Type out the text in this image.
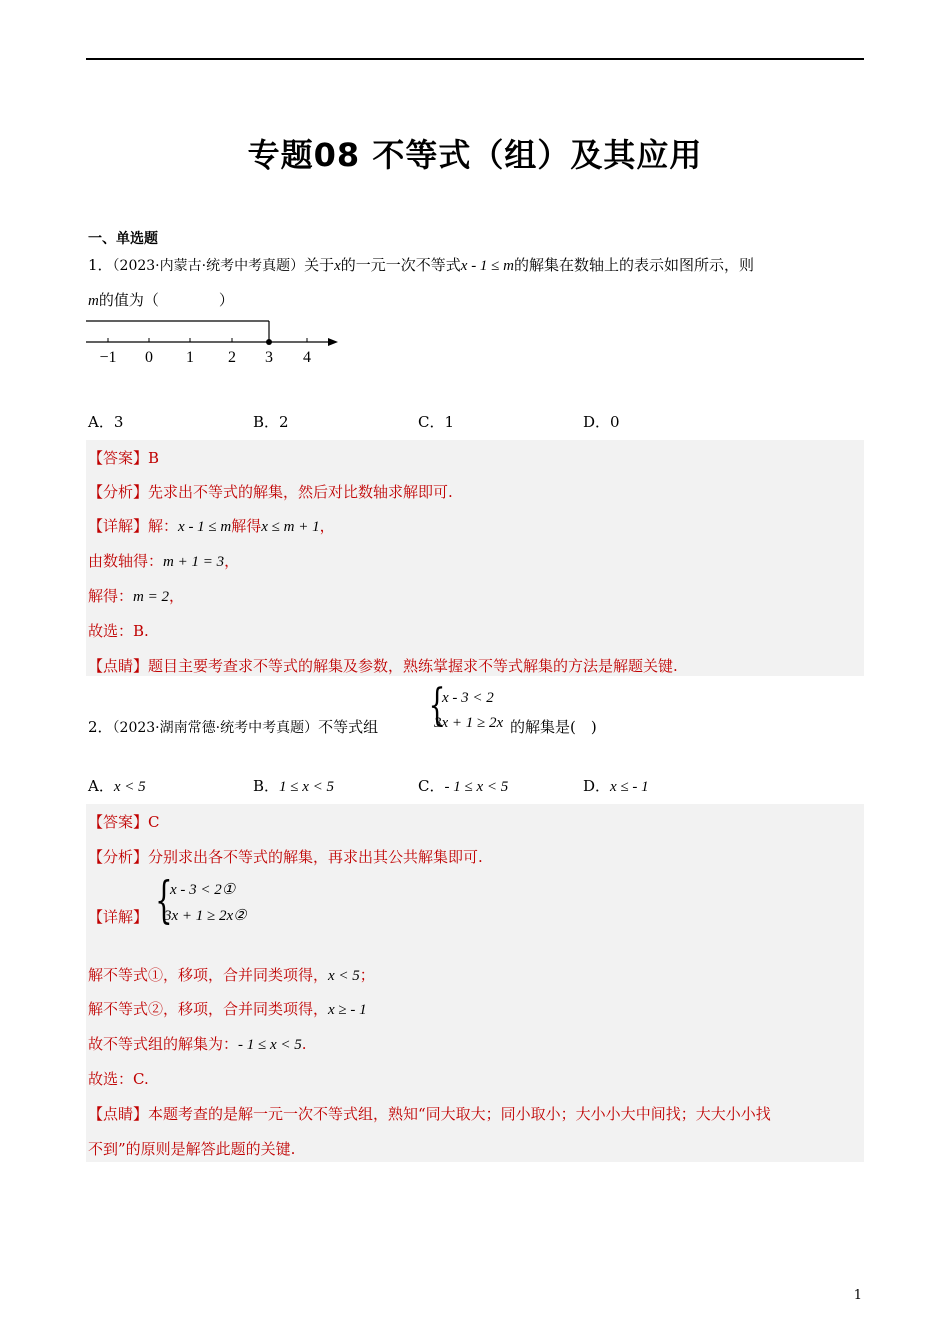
专题08 不等式（组）及其应用
一、单选题
1．（2023·内蒙古·统考中考真题）关于x的一元一次不等式x - 1 ≤ m的解集在数轴上的表示如图所示，则
m的值为（　　　　）
−1 0 1 2 3 4
A．3	B．2	C．1	D．0
【答案】B
【分析】先求出不等式的解集，然后对比数轴求解即可.
【详解】解：x - 1 ≤ m解得x ≤ m + 1，
由数轴得：m + 1 = 3，
解得：m = 2，
故选：B.
【点睛】题目主要考查求不等式的解集及参数，熟练掌握求不等式解集的方法是解题关键.
2．（2023·湖南常德·统考中考真题）不等式组 {
x - 3 < 2
3x + 1 ≥ 2x 的解集是(　)
A．x < 5	B．1 ≤ x < 5	C．- 1 ≤ x < 5	D．x ≤ - 1
【答案】C
【分析】分别求出各不等式的解集，再求出其公共解集即可.
【详解】 {
x - 3 < 2①
3x + 1 ≥ 2x②
解不等式①，移项，合并同类项得，x < 5；
解不等式②，移项，合并同类项得，x ≥ - 1
故不等式组的解集为：- 1 ≤ x < 5.
故选：C.
【点睛】本题考查的是解一元一次不等式组，熟知“同大取大；同小取小；大小小大中间找；大大小小找
不到”的原则是解答此题的关键.
1
